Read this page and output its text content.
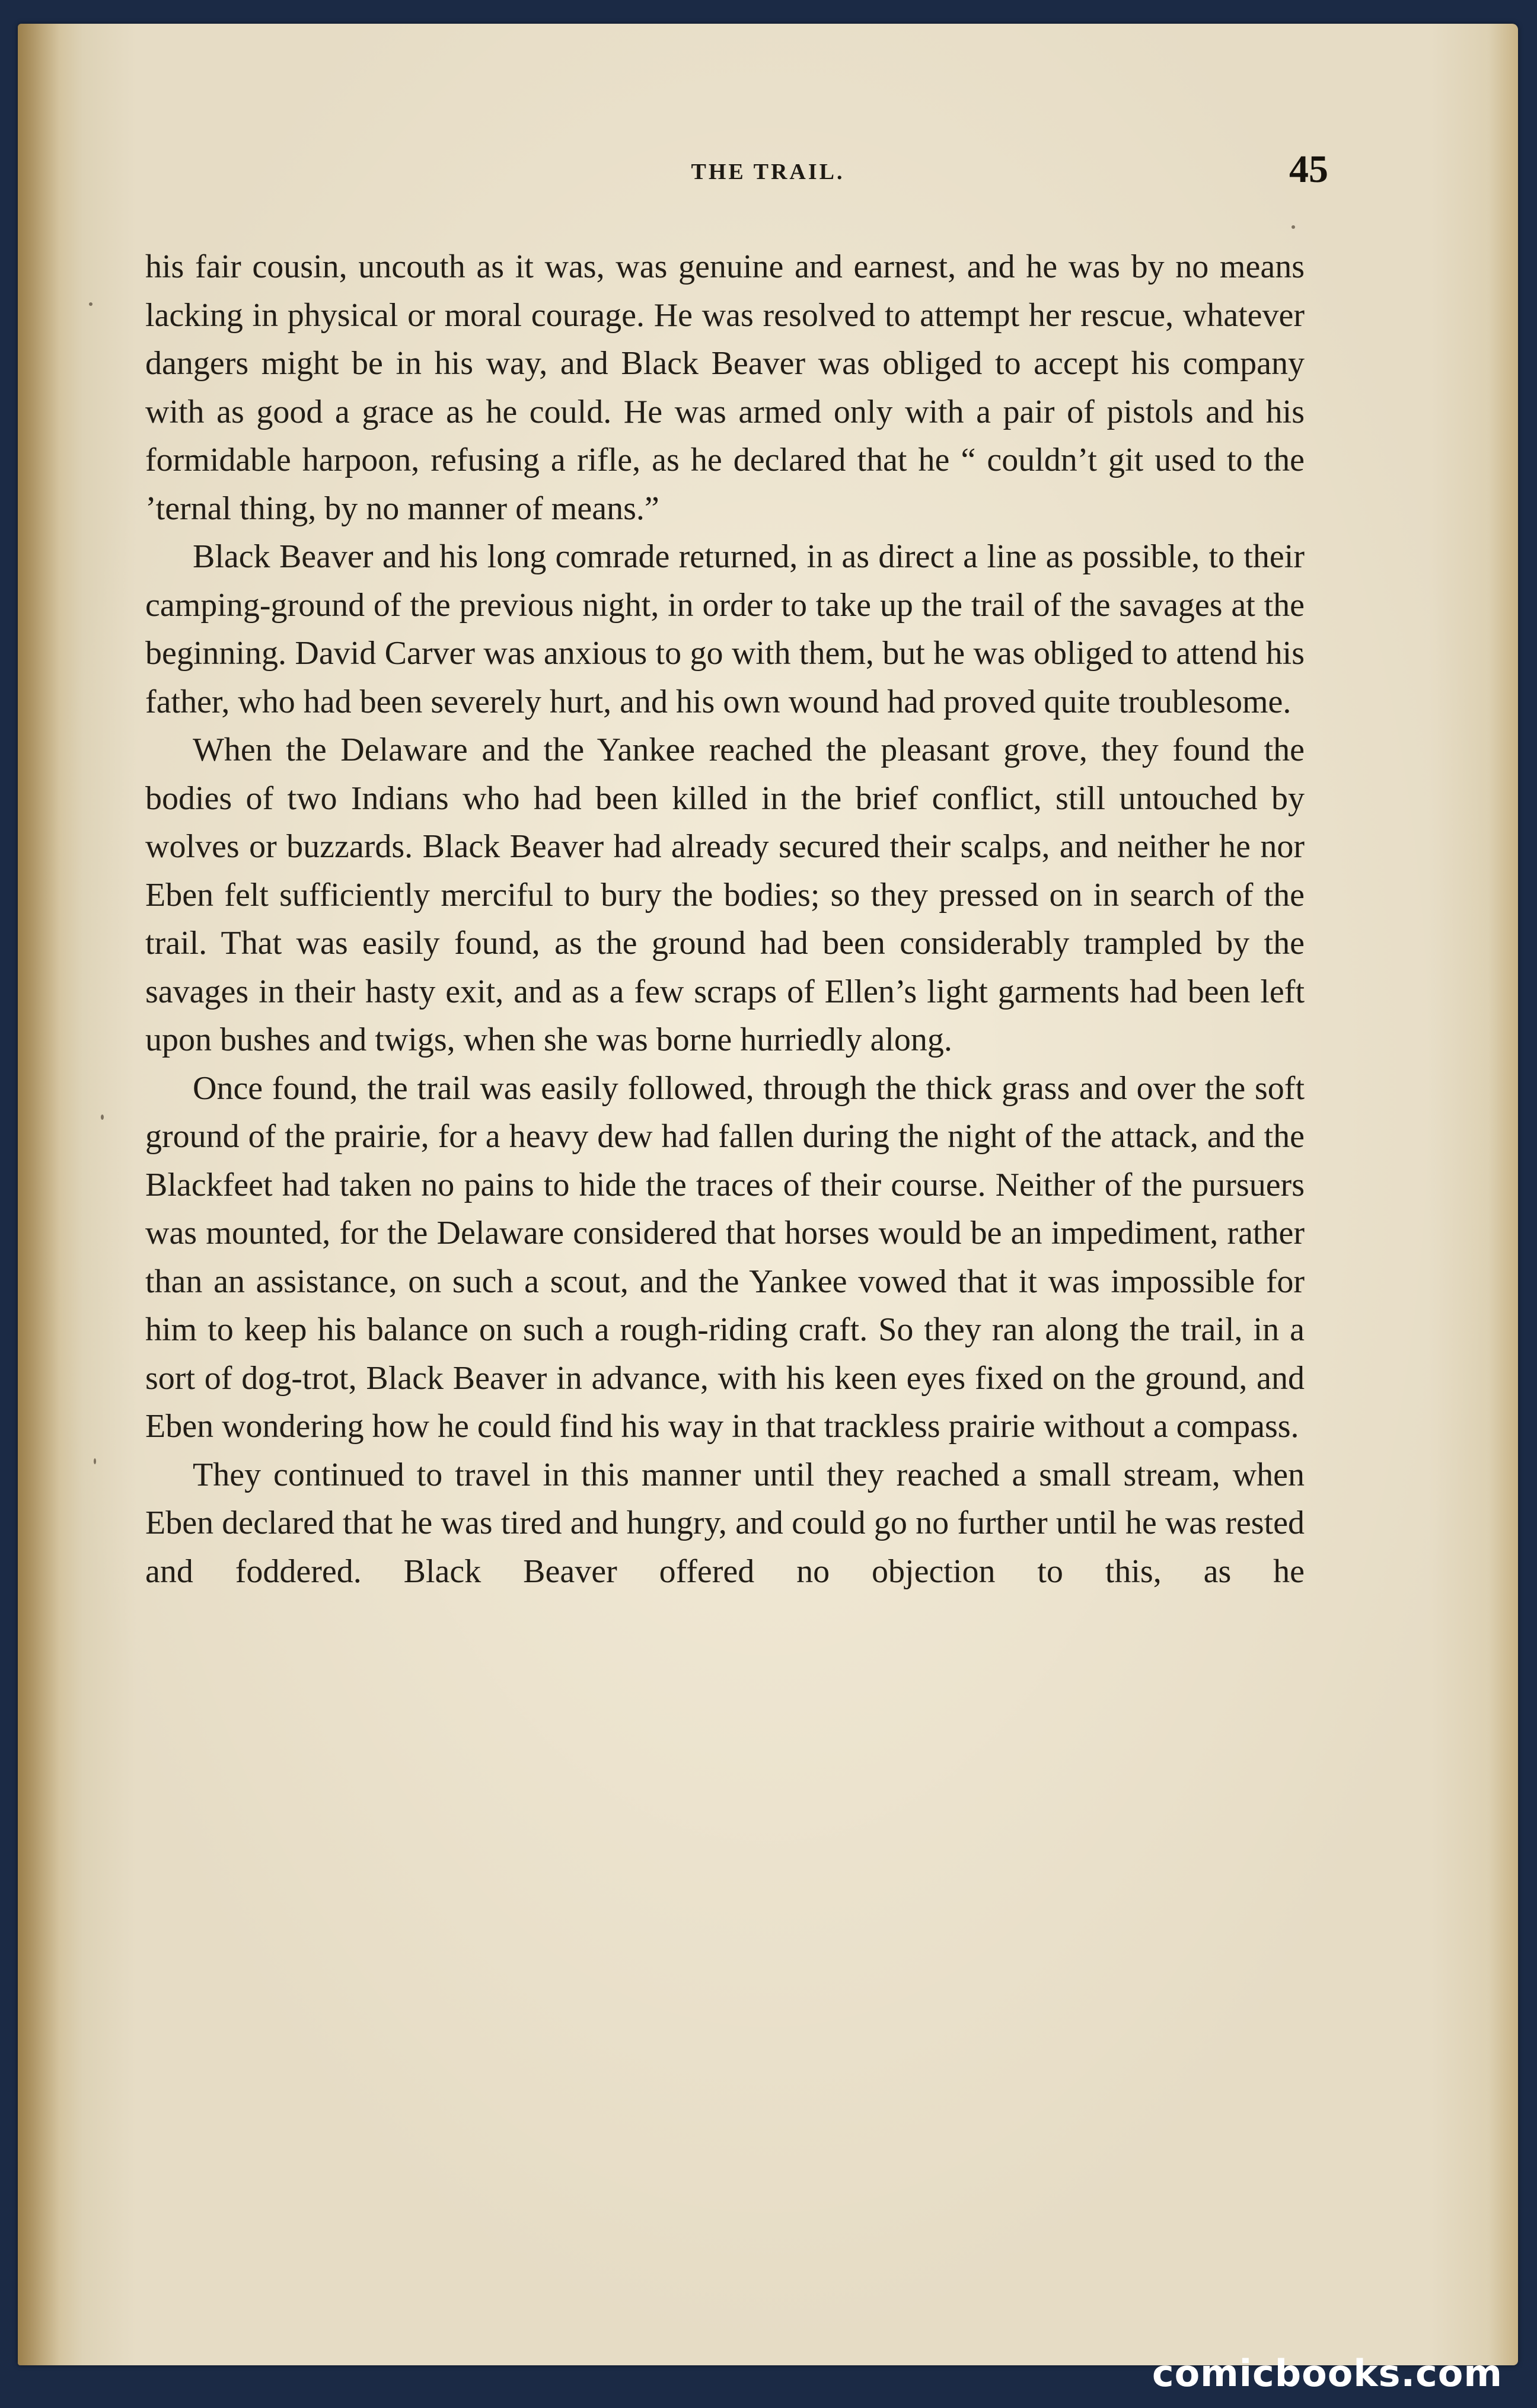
THE TRAIL.	45

his fair cousin, uncouth as it was, was genuine and earnest, and he was by no means lacking in physical or moral courage. He was resolved to attempt her rescue, whatever dangers might be in his way, and Black Beaver was obliged to accept his company with as good a grace as he could. He was armed only with a pair of pistols and his formidable harpoon, refusing a rifle, as he declared that he “ couldn’t git used to the ’ternal thing, by no manner of means.”

Black Beaver and his long comrade returned, in as direct a line as possible, to their camping-ground of the previous night, in order to take up the trail of the savages at the beginning. David Carver was anxious to go with them, but he was obliged to attend his father, who had been severely hurt, and his own wound had proved quite troublesome.

When the Delaware and the Yankee reached the pleasant grove, they found the bodies of two Indians who had been killed in the brief conflict, still untouched by wolves or buzzards. Black Beaver had already secured their scalps, and neither he nor Eben felt sufficiently merciful to bury the bodies; so they pressed on in search of the trail. That was easily found, as the ground had been considerably trampled by the savages in their hasty exit, and as a few scraps of Ellen’s light garments had been left upon bushes and twigs, when she was borne hurriedly along.

Once found, the trail was easily followed, through the thick grass and over the soft ground of the prairie, for a heavy dew had fallen during the night of the attack, and the Blackfeet had taken no pains to hide the traces of their course. Neither of the pursuers was mounted, for the Delaware considered that horses would be an impediment, rather than an assistance, on such a scout, and the Yankee vowed that it was impossible for him to keep his balance on such a rough-riding craft. So they ran along the trail, in a sort of dog-trot, Black Beaver in advance, with his keen eyes fixed on the ground, and Eben wondering how he could find his way in that trackless prairie without a compass.

They continued to travel in this manner until they reached a small stream, when Eben declared that he was tired and hungry, and could go no further until he was rested and foddered. Black Beaver offered no objection to this, as he

comicbooks.com
